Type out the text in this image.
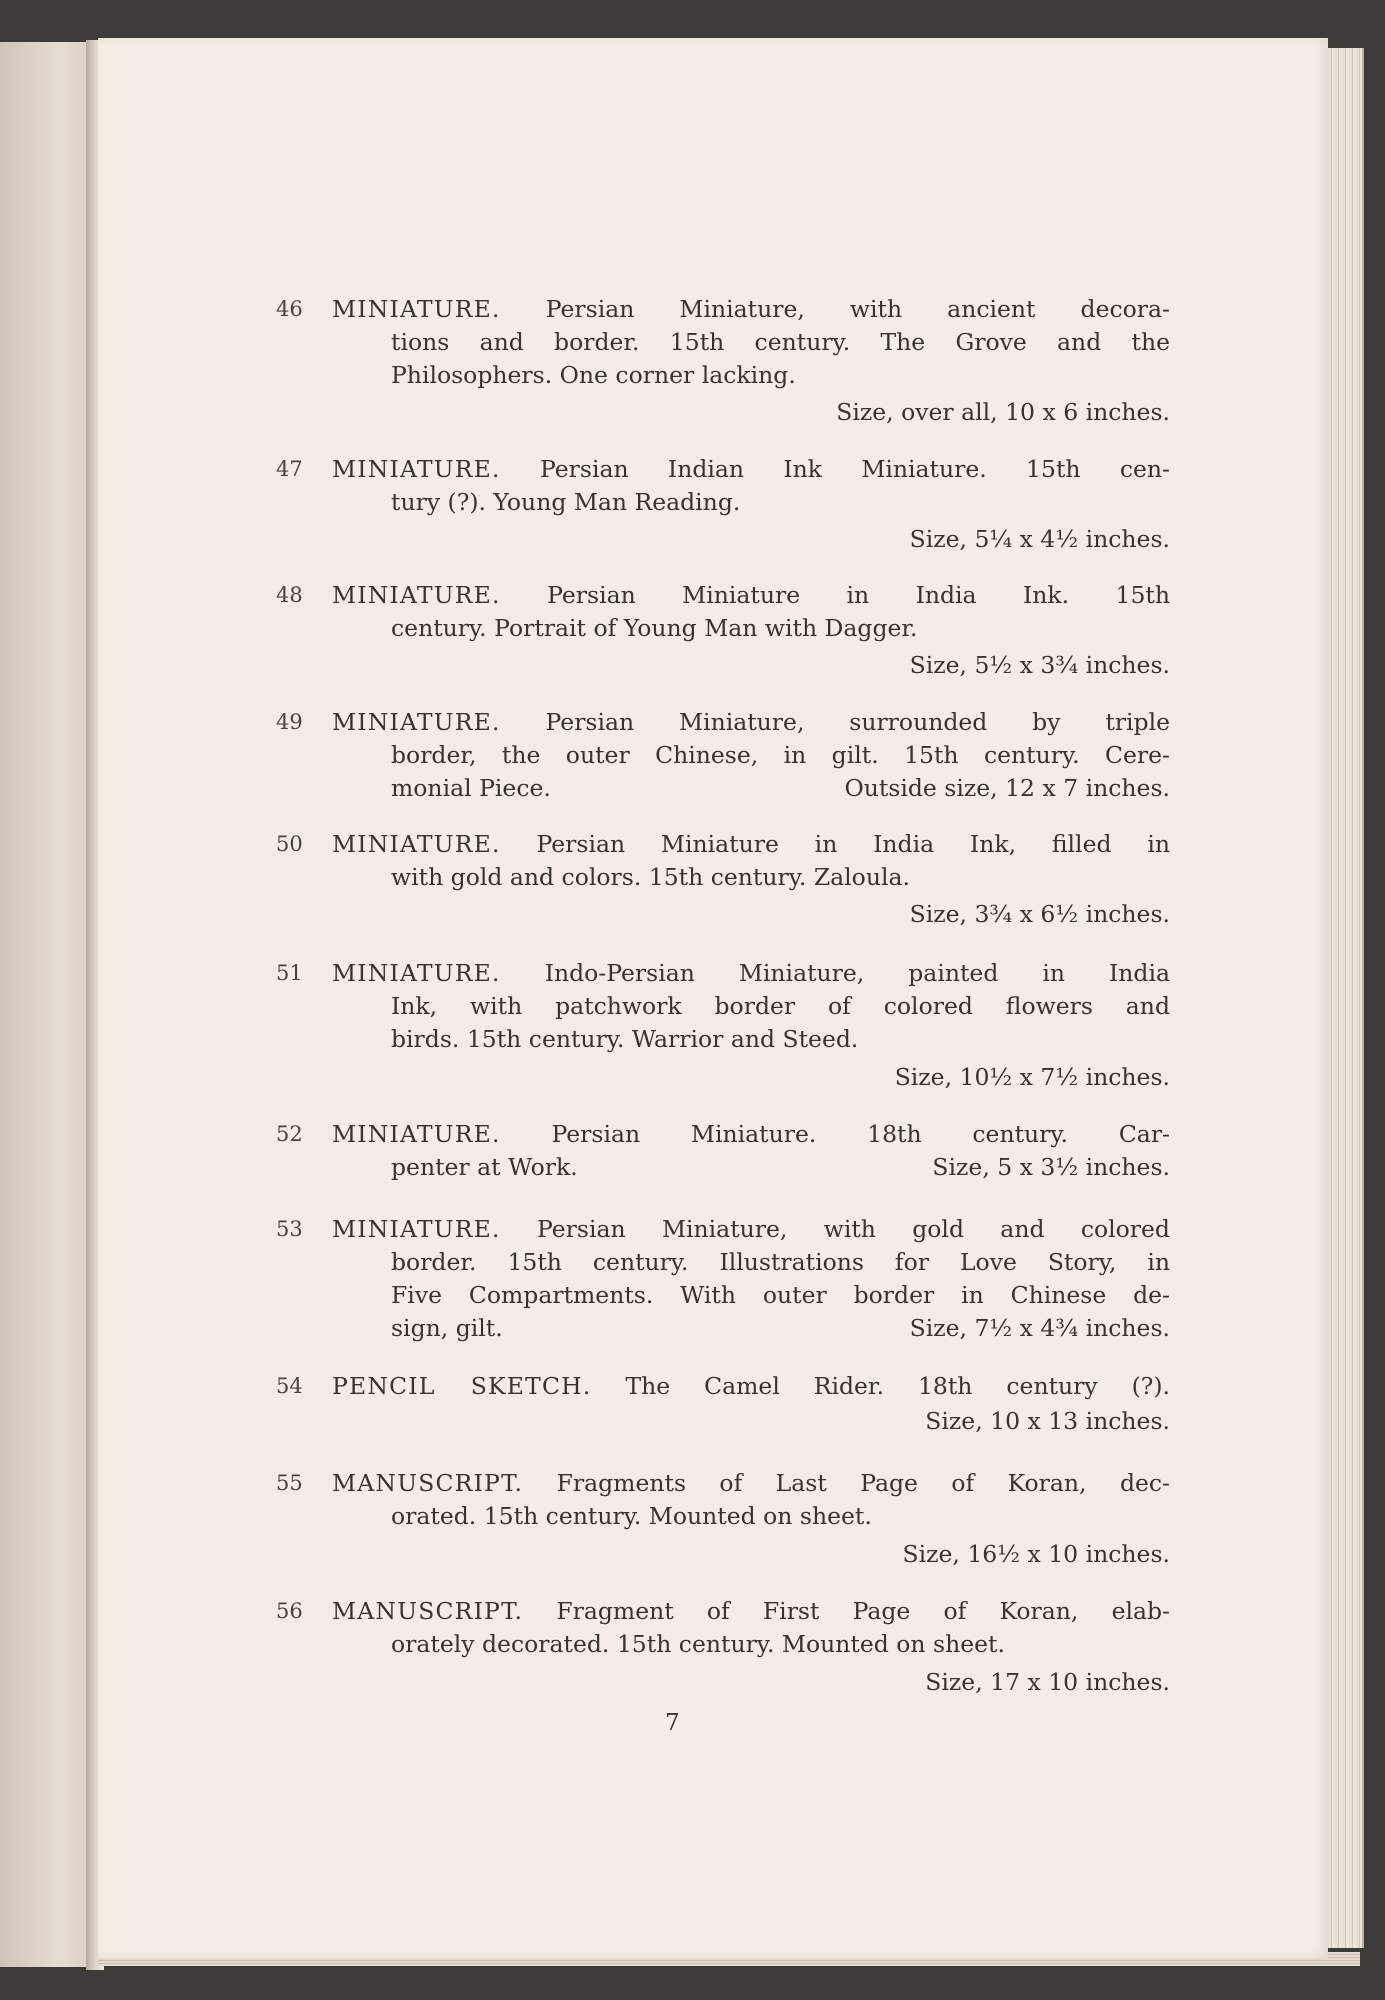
46 MINIATURE. Persian Miniature, with ancient decora-
tions and border. 15th century. The Grove and the
Philosophers. One corner lacking.
Size, over all, 10 x 6 inches.
47 MINIATURE. Persian Indian Ink Miniature. 15th cen-
tury (?). Young Man Reading.
Size, 5¼ x 4½ inches.
48 MINIATURE. Persian Miniature in India Ink. 15th
century. Portrait of Young Man with Dagger.
Size, 5½ x 3¾ inches.
49 MINIATURE. Persian Miniature, surrounded by triple
border, the outer Chinese, in gilt. 15th century. Cere-
monial Piece.	Outside size, 12 x 7 inches.
50 MINIATURE. Persian Miniature in India Ink, filled in
with gold and colors. 15th century. Zaloula.
Size, 3¾ x 6½ inches.
51 MINIATURE. Indo-Persian Miniature, painted in India
Ink, with patchwork border of colored flowers and
birds. 15th century. Warrior and Steed.
Size, 10½ x 7½ inches.
52 MINIATURE. Persian Miniature. 18th century. Car-
penter at Work.	Size, 5 x 3½ inches.
53 MINIATURE. Persian Miniature, with gold and colored
border. 15th century. Illustrations for Love Story, in
Five Compartments. With outer border in Chinese de-
sign, gilt.	Size, 7½ x 4¾ inches.
54 PENCIL SKETCH. The Camel Rider. 18th century (?).
Size, 10 x 13 inches.
55 MANUSCRIPT. Fragments of Last Page of Koran, dec-
orated. 15th century. Mounted on sheet.
Size, 16½ x 10 inches.
56 MANUSCRIPT. Fragment of First Page of Koran, elab-
orately decorated. 15th century. Mounted on sheet.
Size, 17 x 10 inches.
7
